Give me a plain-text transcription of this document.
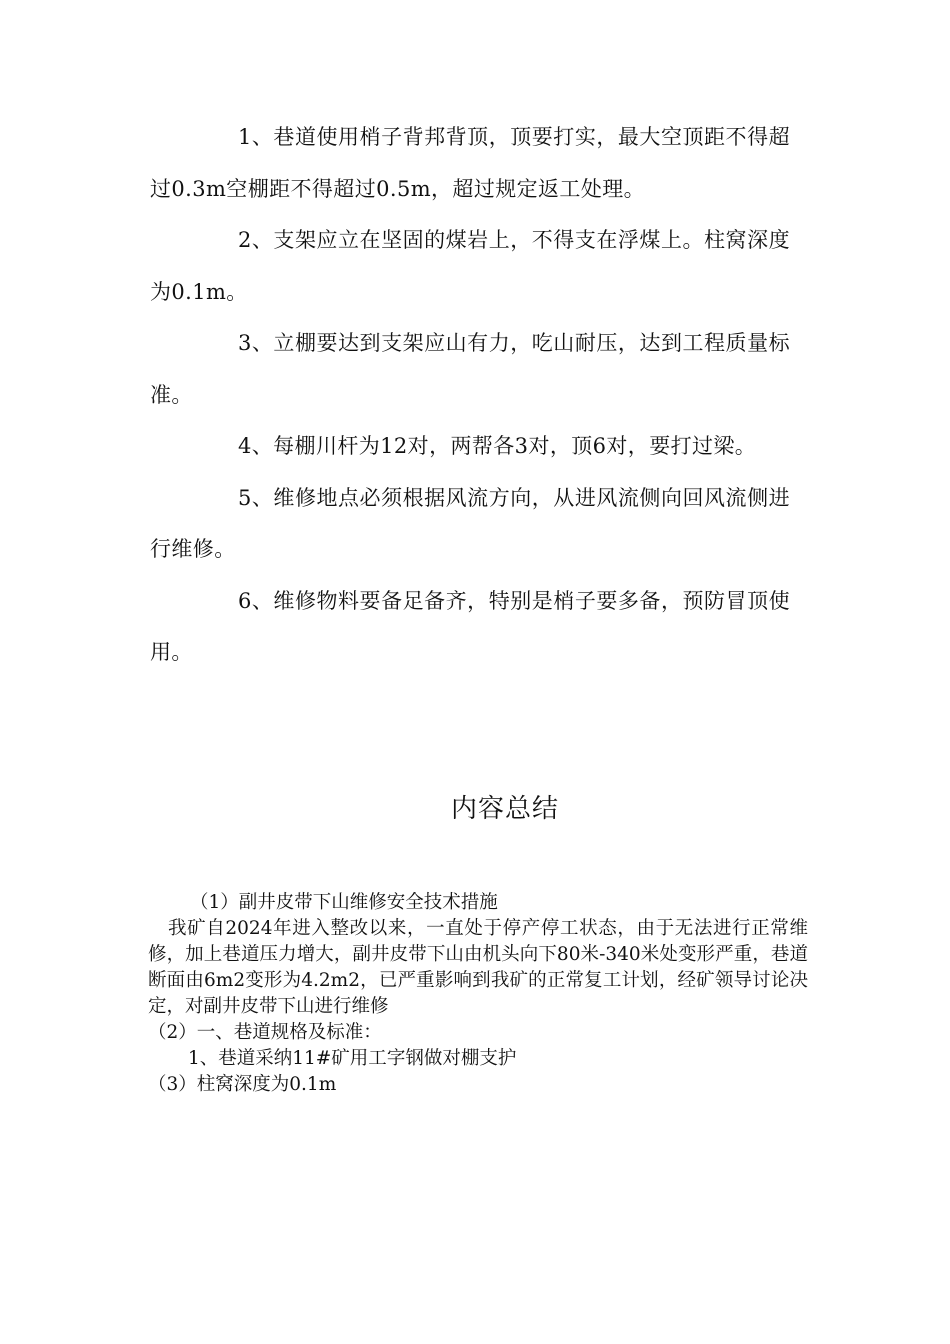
1、巷道使用梢子背邦背顶，顶要打实，最大空顶距不得超过0.3m空棚距不得超过0.5m，超过规定返工处理。

2、支架应立在坚固的煤岩上，不得支在浮煤上。柱窝深度为0.1m。

3、立棚要达到支架应山有力，吃山耐压，达到工程质量标准。

4、每棚川杆为12对，两帮各3对，顶6对，要打过梁。

5、维修地点必须根据风流方向，从进风流侧向回风流侧进行维修。

6、维修物料要备足备齐，特别是梢子要多备，预防冒顶使用。

内容总结

（1）副井皮带下山维修安全技术措施

我矿自2024年进入整改以来，一直处于停产停工状态，由于无法进行正常维修，加上巷道压力增大，副井皮带下山由机头向下80米-340米处变形严重，巷道断面由6m2变形为4.2m2，已严重影响到我矿的正常复工计划，经矿领导讨论决定，对副井皮带下山进行维修

（2）一、巷道规格及标准：

1、巷道采纳11#矿用工字钢做对棚支护

（3）柱窝深度为0.1m
